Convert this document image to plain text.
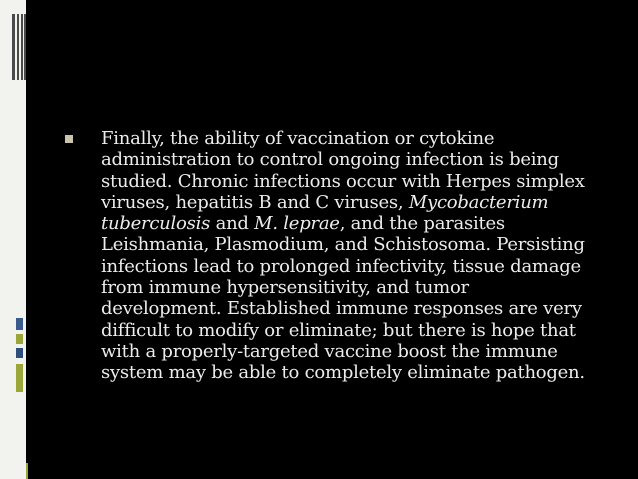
Finally, the ability of vaccination or cytokine administration to control ongoing infection is being studied. Chronic infections occur with Herpes simplex viruses, hepatitis B and C viruses, Mycobacterium tuberculosis and M. leprae, and the parasites Leishmania, Plasmodium, and Schistosoma. Persisting infections lead to prolonged infectivity, tissue damage from immune hypersensitivity, and tumor development. Established immune responses are very difficult to modify or eliminate; but there is hope that with a properly-targeted vaccine boost the immune system may be able to completely eliminate pathogen.
